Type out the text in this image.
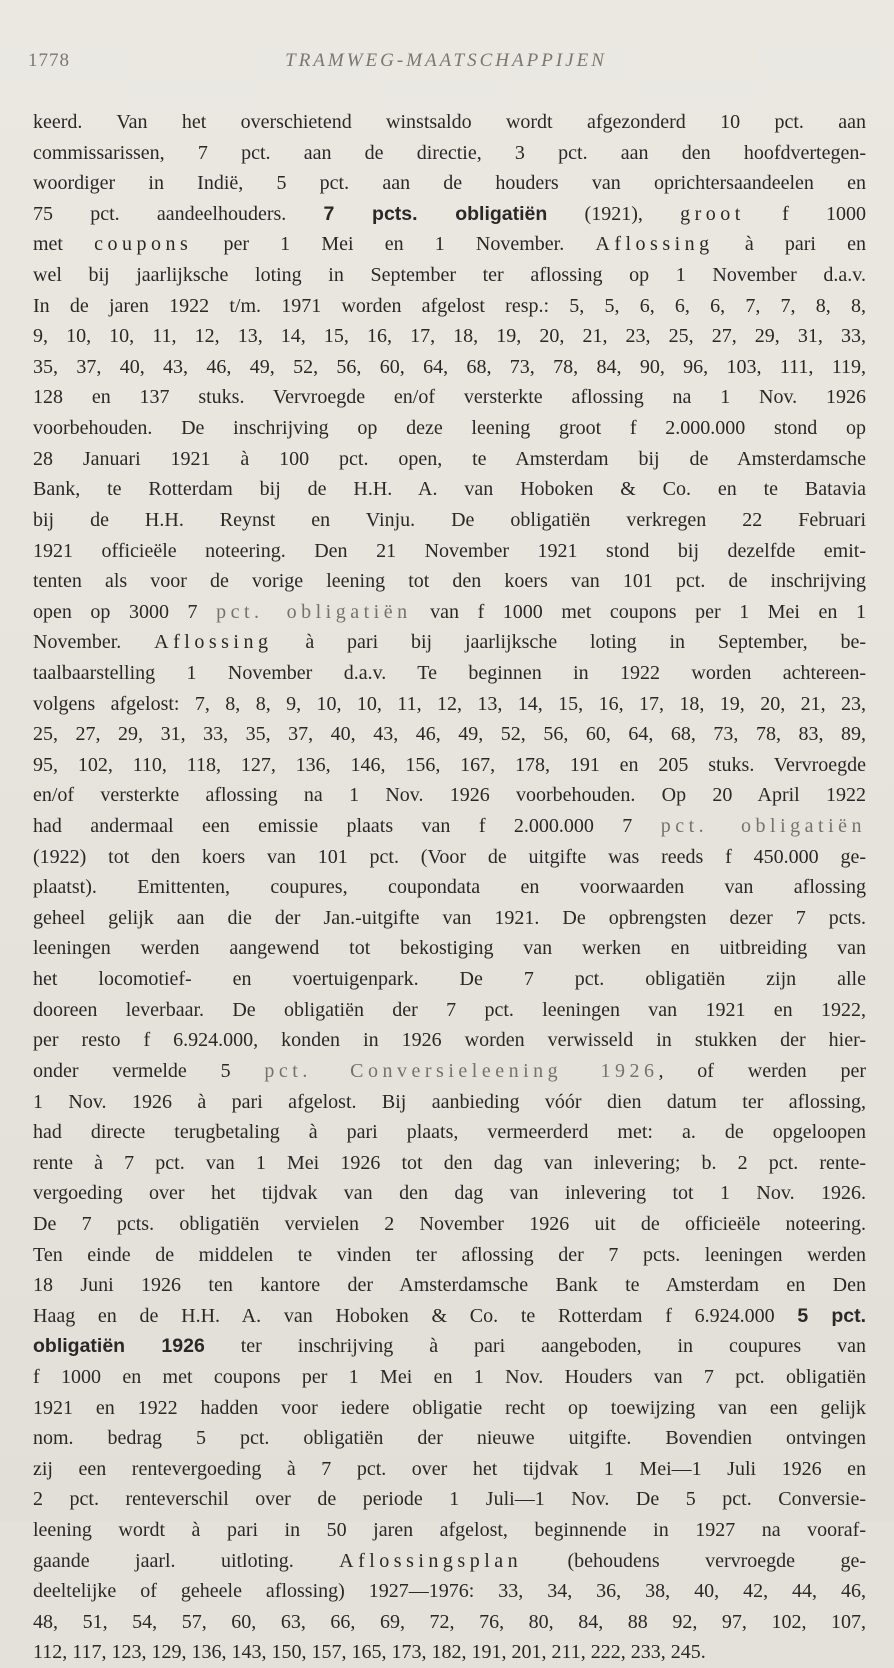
1778	TRAMWEG-MAATSCHAPPIJEN
keerd. Van het overschietend winstsaldo wordt afgezonderd 10 pct. aan
commissarissen, 7 pct. aan de directie, 3 pct. aan den hoofdvertegen-
woordiger in Indië, 5 pct. aan de houders van oprichtersaandeelen en
75 pct. aandeelhouders. 7 pcts. obligatiën (1921), groot f 1000
met coupons per 1 Mei en 1 November. Aflossing à pari en
wel bij jaarlijksche loting in September ter aflossing op 1 November d.a.v.
In de jaren 1922 t/m. 1971 worden afgelost resp.: 5, 5, 6, 6, 6, 7, 7, 8, 8,
9, 10, 10, 11, 12, 13, 14, 15, 16, 17, 18, 19, 20, 21, 23, 25, 27, 29, 31, 33,
35, 37, 40, 43, 46, 49, 52, 56, 60, 64, 68, 73, 78, 84, 90, 96, 103, 111, 119,
128 en 137 stuks. Vervroegde en/of versterkte aflossing na 1 Nov. 1926
voorbehouden. De inschrijving op deze leening groot f 2.000.000 stond op
28 Januari 1921 à 100 pct. open, te Amsterdam bij de Amsterdamsche
Bank, te Rotterdam bij de H.H. A. van Hoboken & Co. en te Batavia
bij de H.H. Reynst en Vinju. De obligatiën verkregen 22 Februari
1921 officieële noteering. Den 21 November 1921 stond bij dezelfde emit-
tenten als voor de vorige leening tot den koers van 101 pct. de inschrijving
open op 3000 7 pct. obligatiën van f 1000 met coupons per 1 Mei en 1
November. Aflossing à pari bij jaarlijksche loting in September, be-
taalbaarstelling 1 November d.a.v. Te beginnen in 1922 worden achtereen-
volgens afgelost: 7, 8, 8, 9, 10, 10, 11, 12, 13, 14, 15, 16, 17, 18, 19, 20, 21, 23,
25, 27, 29, 31, 33, 35, 37, 40, 43, 46, 49, 52, 56, 60, 64, 68, 73, 78, 83, 89,
95, 102, 110, 118, 127, 136, 146, 156, 167, 178, 191 en 205 stuks. Vervroegde
en/of versterkte aflossing na 1 Nov. 1926 voorbehouden. Op 20 April 1922
had andermaal een emissie plaats van f 2.000.000 7 pct. obligatiën
(1922) tot den koers van 101 pct. (Voor de uitgifte was reeds f 450.000 ge-
plaatst). Emittenten, coupures, coupondata en voorwaarden van aflossing
geheel gelijk aan die der Jan.-uitgifte van 1921. De opbrengsten dezer 7 pcts.
leeningen werden aangewend tot bekostiging van werken en uitbreiding van
het locomotief- en voertuigenpark. De 7 pct. obligatiën zijn alle
dooreen leverbaar. De obligatiën der 7 pct. leeningen van 1921 en 1922,
per resto f 6.924.000, konden in 1926 worden verwisseld in stukken der hier-
onder vermelde 5 pct. Conversieleening 1926, of werden per
1 Nov. 1926 à pari afgelost. Bij aanbieding vóór dien datum ter aflossing,
had directe terugbetaling à pari plaats, vermeerderd met: a. de opgeloopen
rente à 7 pct. van 1 Mei 1926 tot den dag van inlevering; b. 2 pct. rente-
vergoeding over het tijdvak van den dag van inlevering tot 1 Nov. 1926.
De 7 pcts. obligatiën vervielen 2 November 1926 uit de officieële noteering.
Ten einde de middelen te vinden ter aflossing der 7 pcts. leeningen werden
18 Juni 1926 ten kantore der Amsterdamsche Bank te Amsterdam en Den
Haag en de H.H. A. van Hoboken & Co. te Rotterdam f 6.924.000 5 pct.
obligatiën 1926 ter inschrijving à pari aangeboden, in coupures van
f 1000 en met coupons per 1 Mei en 1 Nov. Houders van 7 pct. obligatiën
1921 en 1922 hadden voor iedere obligatie recht op toewijzing van een gelijk
nom. bedrag 5 pct. obligatiën der nieuwe uitgifte. Bovendien ontvingen
zij een rentevergoeding à 7 pct. over het tijdvak 1 Mei—1 Juli 1926 en
2 pct. renteverschil over de periode 1 Juli—1 Nov. De 5 pct. Conversie-
leening wordt à pari in 50 jaren afgelost, beginnende in 1927 na vooraf-
gaande jaarl. uitloting. Aflossingsplan (behoudens vervroegde ge-
deeltelijke of geheele aflossing) 1927—1976: 33, 34, 36, 38, 40, 42, 44, 46,
48, 51, 54, 57, 60, 63, 66, 69, 72, 76, 80, 84, 88 92, 97, 102, 107,
112, 117, 123, 129, 136, 143, 150, 157, 165, 173, 182, 191, 201, 211, 222, 233, 245.
